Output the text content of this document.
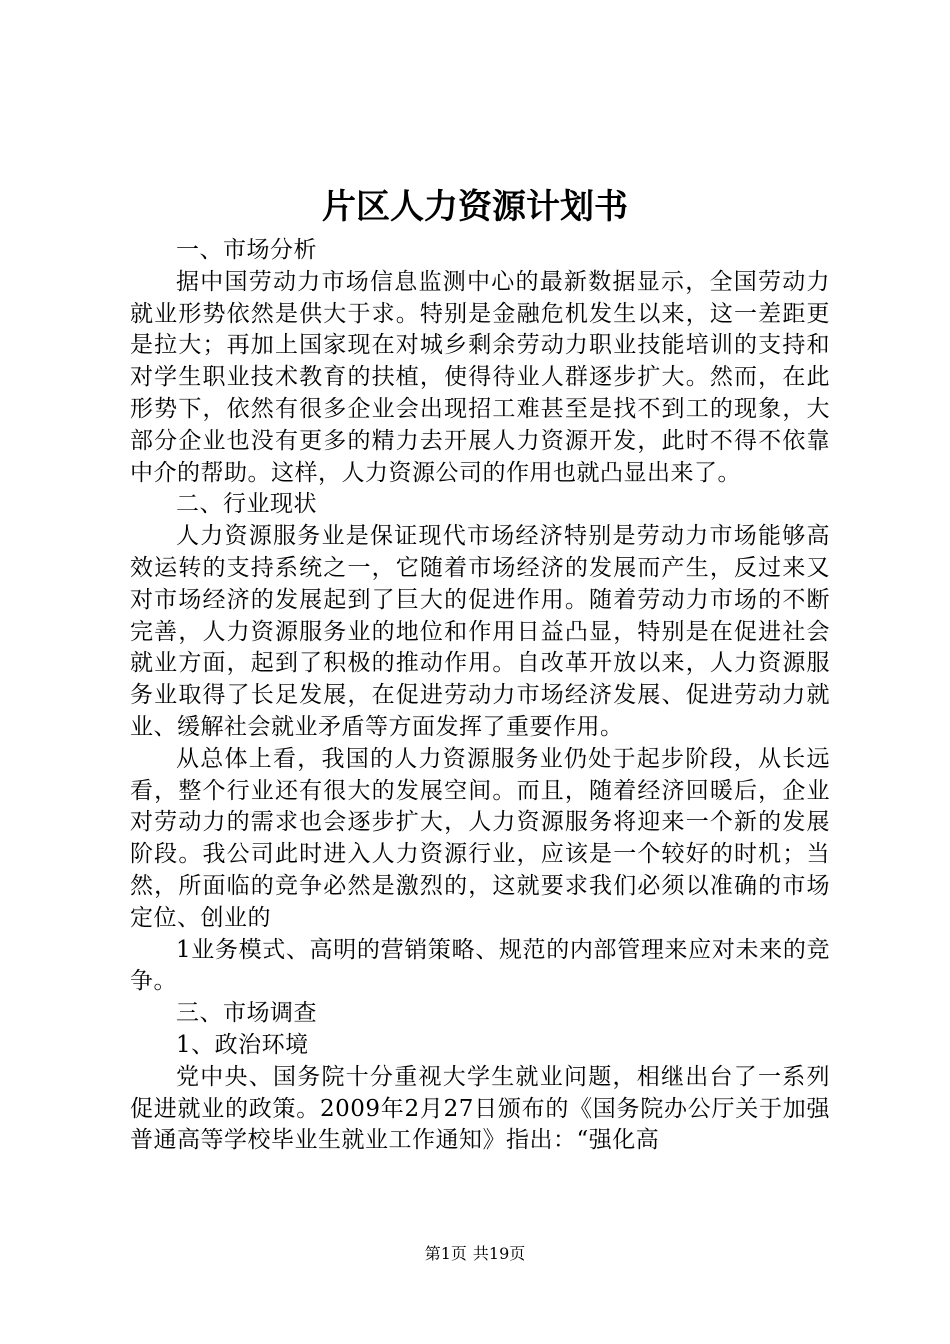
片区人力资源计划书

一、市场分析

据中国劳动力市场信息监测中心的最新数据显示，全国劳动力就业形势依然是供大于求。特别是金融危机发生以来，这一差距更是拉大；再加上国家现在对城乡剩余劳动力职业技能培训的支持和对学生职业技术教育的扶植，使得待业人群逐步扩大。然而，在此形势下，依然有很多企业会出现招工难甚至是找不到工的现象，大部分企业也没有更多的精力去开展人力资源开发，此时不得不依靠中介的帮助。这样，人力资源公司的作用也就凸显出来了。

二、行业现状

人力资源服务业是保证现代市场经济特别是劳动力市场能够高效运转的支持系统之一，它随着市场经济的发展而产生，反过来又对市场经济的发展起到了巨大的促进作用。随着劳动力市场的不断完善，人力资源服务业的地位和作用日益凸显，特别是在促进社会就业方面，起到了积极的推动作用。自改革开放以来，人力资源服务业取得了长足发展，在促进劳动力市场经济发展、促进劳动力就业、缓解社会就业矛盾等方面发挥了重要作用。

从总体上看，我国的人力资源服务业仍处于起步阶段，从长远看，整个行业还有很大的发展空间。而且，随着经济回暖后，企业对劳动力的需求也会逐步扩大，人力资源服务将迎来一个新的发展阶段。我公司此时进入人力资源行业，应该是一个较好的时机；当然，所面临的竞争必然是激烈的，这就要求我们必须以准确的市场定位、创业的

1业务模式、高明的营销策略、规范的内部管理来应对未来的竞争。

三、市场调查

1、政治环境

党中央、国务院十分重视大学生就业问题，相继出台了一系列促进就业的政策。2009年2月27日颁布的《国务院办公厅关于加强普通高等学校毕业生就业工作通知》指出：“强化高

第1页 共19页
